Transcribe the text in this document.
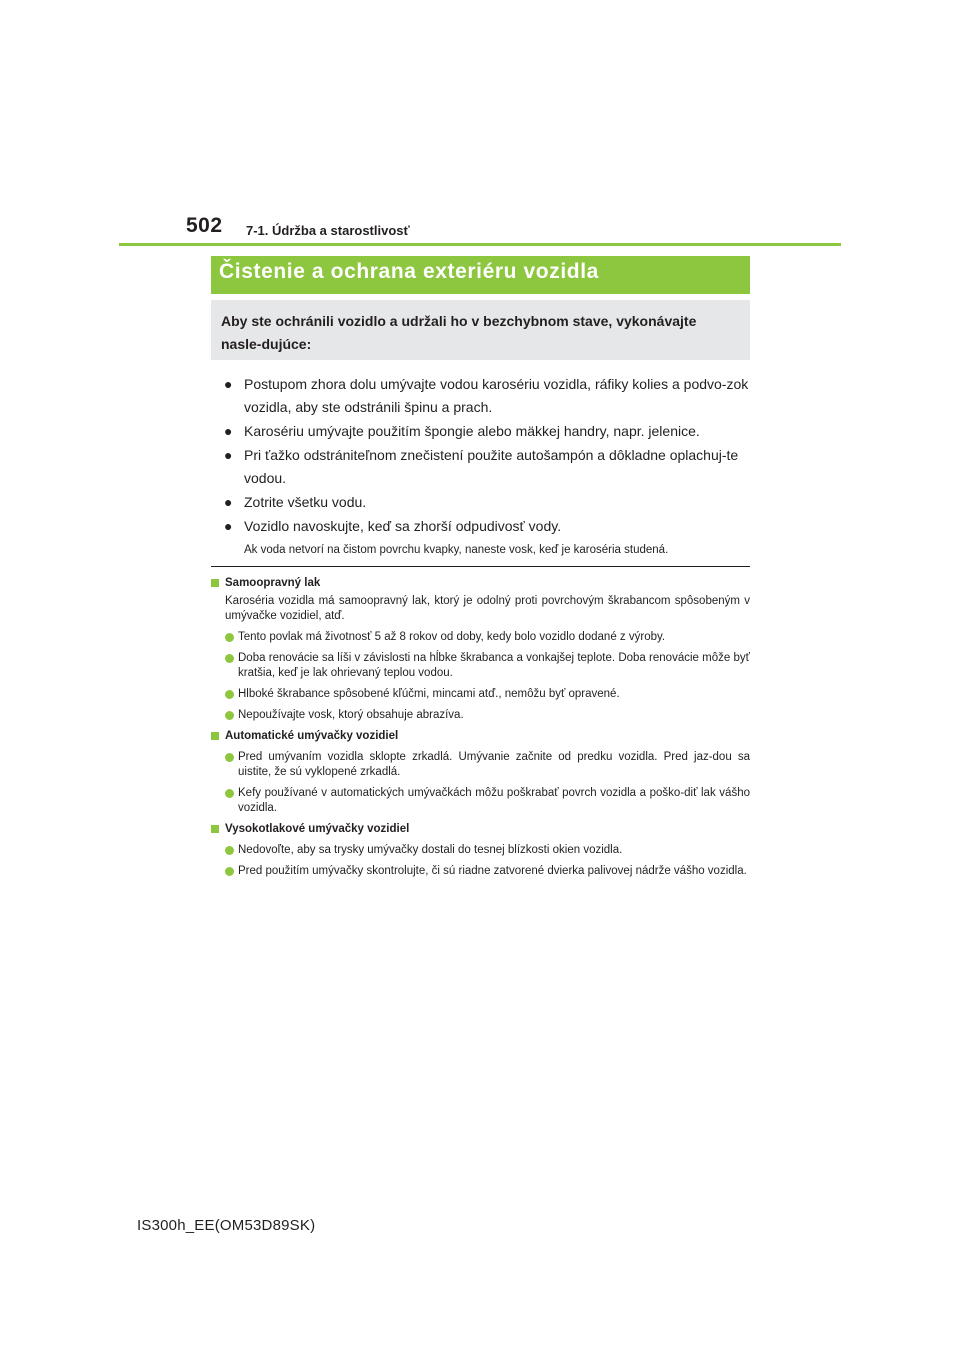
502 7-1. Údržba a starostlivosť
Čistenie a ochrana exteriéru vozidla
Aby ste ochránili vozidlo a udržali ho v bezchybnom stave, vykonávajte nasle-dujúce:
● Postupom zhora dolu umývajte vodou karosériu vozidla, ráfiky kolies a podvo-zok vozidla, aby ste odstránili špinu a prach.
● Karosériu umývajte použitím špongie alebo mäkkej handry, napr. jelenice.
● Pri ťažko odstrániteľnom znečistení použite autošampón a dôkladne oplachuj-te vodou.
● Zotrite všetku vodu.
● Vozidlo navoskujte, keď sa zhorší odpudivosť vody.
Ak voda netvorí na čistom povrchu kvapky, naneste vosk, keď je karoséria studená.
Samoopravný lak
Karoséria vozidla má samoopravný lak, ktorý je odolný proti povrchovým škrabancom spôsobeným v umývačke vozidiel, atď.
Tento povlak má životnosť 5 až 8 rokov od doby, kedy bolo vozidlo dodané z výroby.
Doba renovácie sa líši v závislosti na hĺbke škrabanca a vonkajšej teplote. Doba renovácie môže byť kratšia, keď je lak ohrievaný teplou vodou.
Hlboké škrabance spôsobené kľúčmi, mincami atď., nemôžu byť opravené.
Nepoužívajte vosk, ktorý obsahuje abrazíva.
Automatické umývačky vozidiel
Pred umývaním vozidla sklopte zrkadlá. Umývanie začnite od predku vozidla. Pred jaz-dou sa uistite, že sú vyklopené zrkadlá.
Kefy používané v automatických umývačkách môžu poškrabať povrch vozidla a poško-diť lak vášho vozidla.
Vysokotlakové umývačky vozidiel
Nedovoľte, aby sa trysky umývačky dostali do tesnej blízkosti okien vozidla.
Pred použitím umývačky skontrolujte, či sú riadne zatvorené dvierka palivovej nádrže vášho vozidla.
IS300h_EE(OM53D89SK)
